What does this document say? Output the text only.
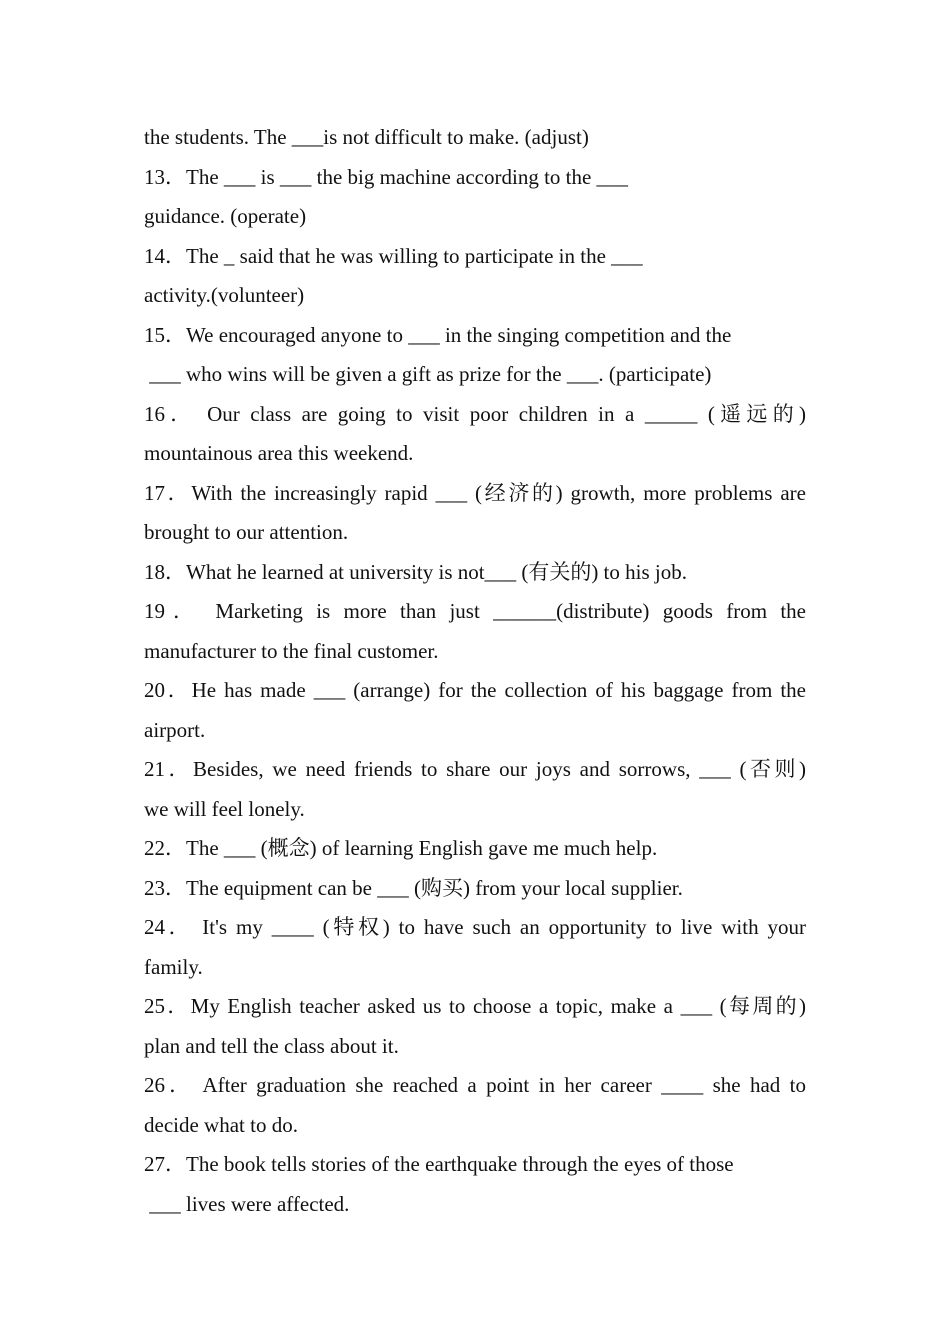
the students. The ___is not difficult to make. (adjust)
13．The ___ is ___ the big machine according to the ___
guidance. (operate)
14．The _ said that he was willing to participate in the ___
activity.(volunteer)
15．We encouraged anyone to ___ in the singing competition and the
___ who wins will be given a gift as prize for the ___. (participate)
16． Our class are going to visit poor children in a _____ (遥远的)
mountainous area this weekend.
17．With the increasingly rapid ___ (经济的) growth, more problems are
brought to our attention.
18．What he learned at university is not___ (有关的) to his job.
19． Marketing is more than just ______(distribute) goods from the
manufacturer to the final customer.
20．He has made ___ (arrange) for the collection of his baggage from the
airport.
21．Besides, we need friends to share our joys and sorrows, ___ (否则)
we will feel lonely.
22．The ___ (概念) of learning English gave me much help.
23．The equipment can be ___ (购买) from your local supplier.
24． It's my ____ (特权) to have such an opportunity to live with your
family.
25．My English teacher asked us to choose a topic, make a ___ (每周的)
plan and tell the class about it.
26． After graduation she reached a point in her career ____ she had to
decide what to do.
27．The book tells stories of the earthquake through the eyes of those
___ lives were affected.
